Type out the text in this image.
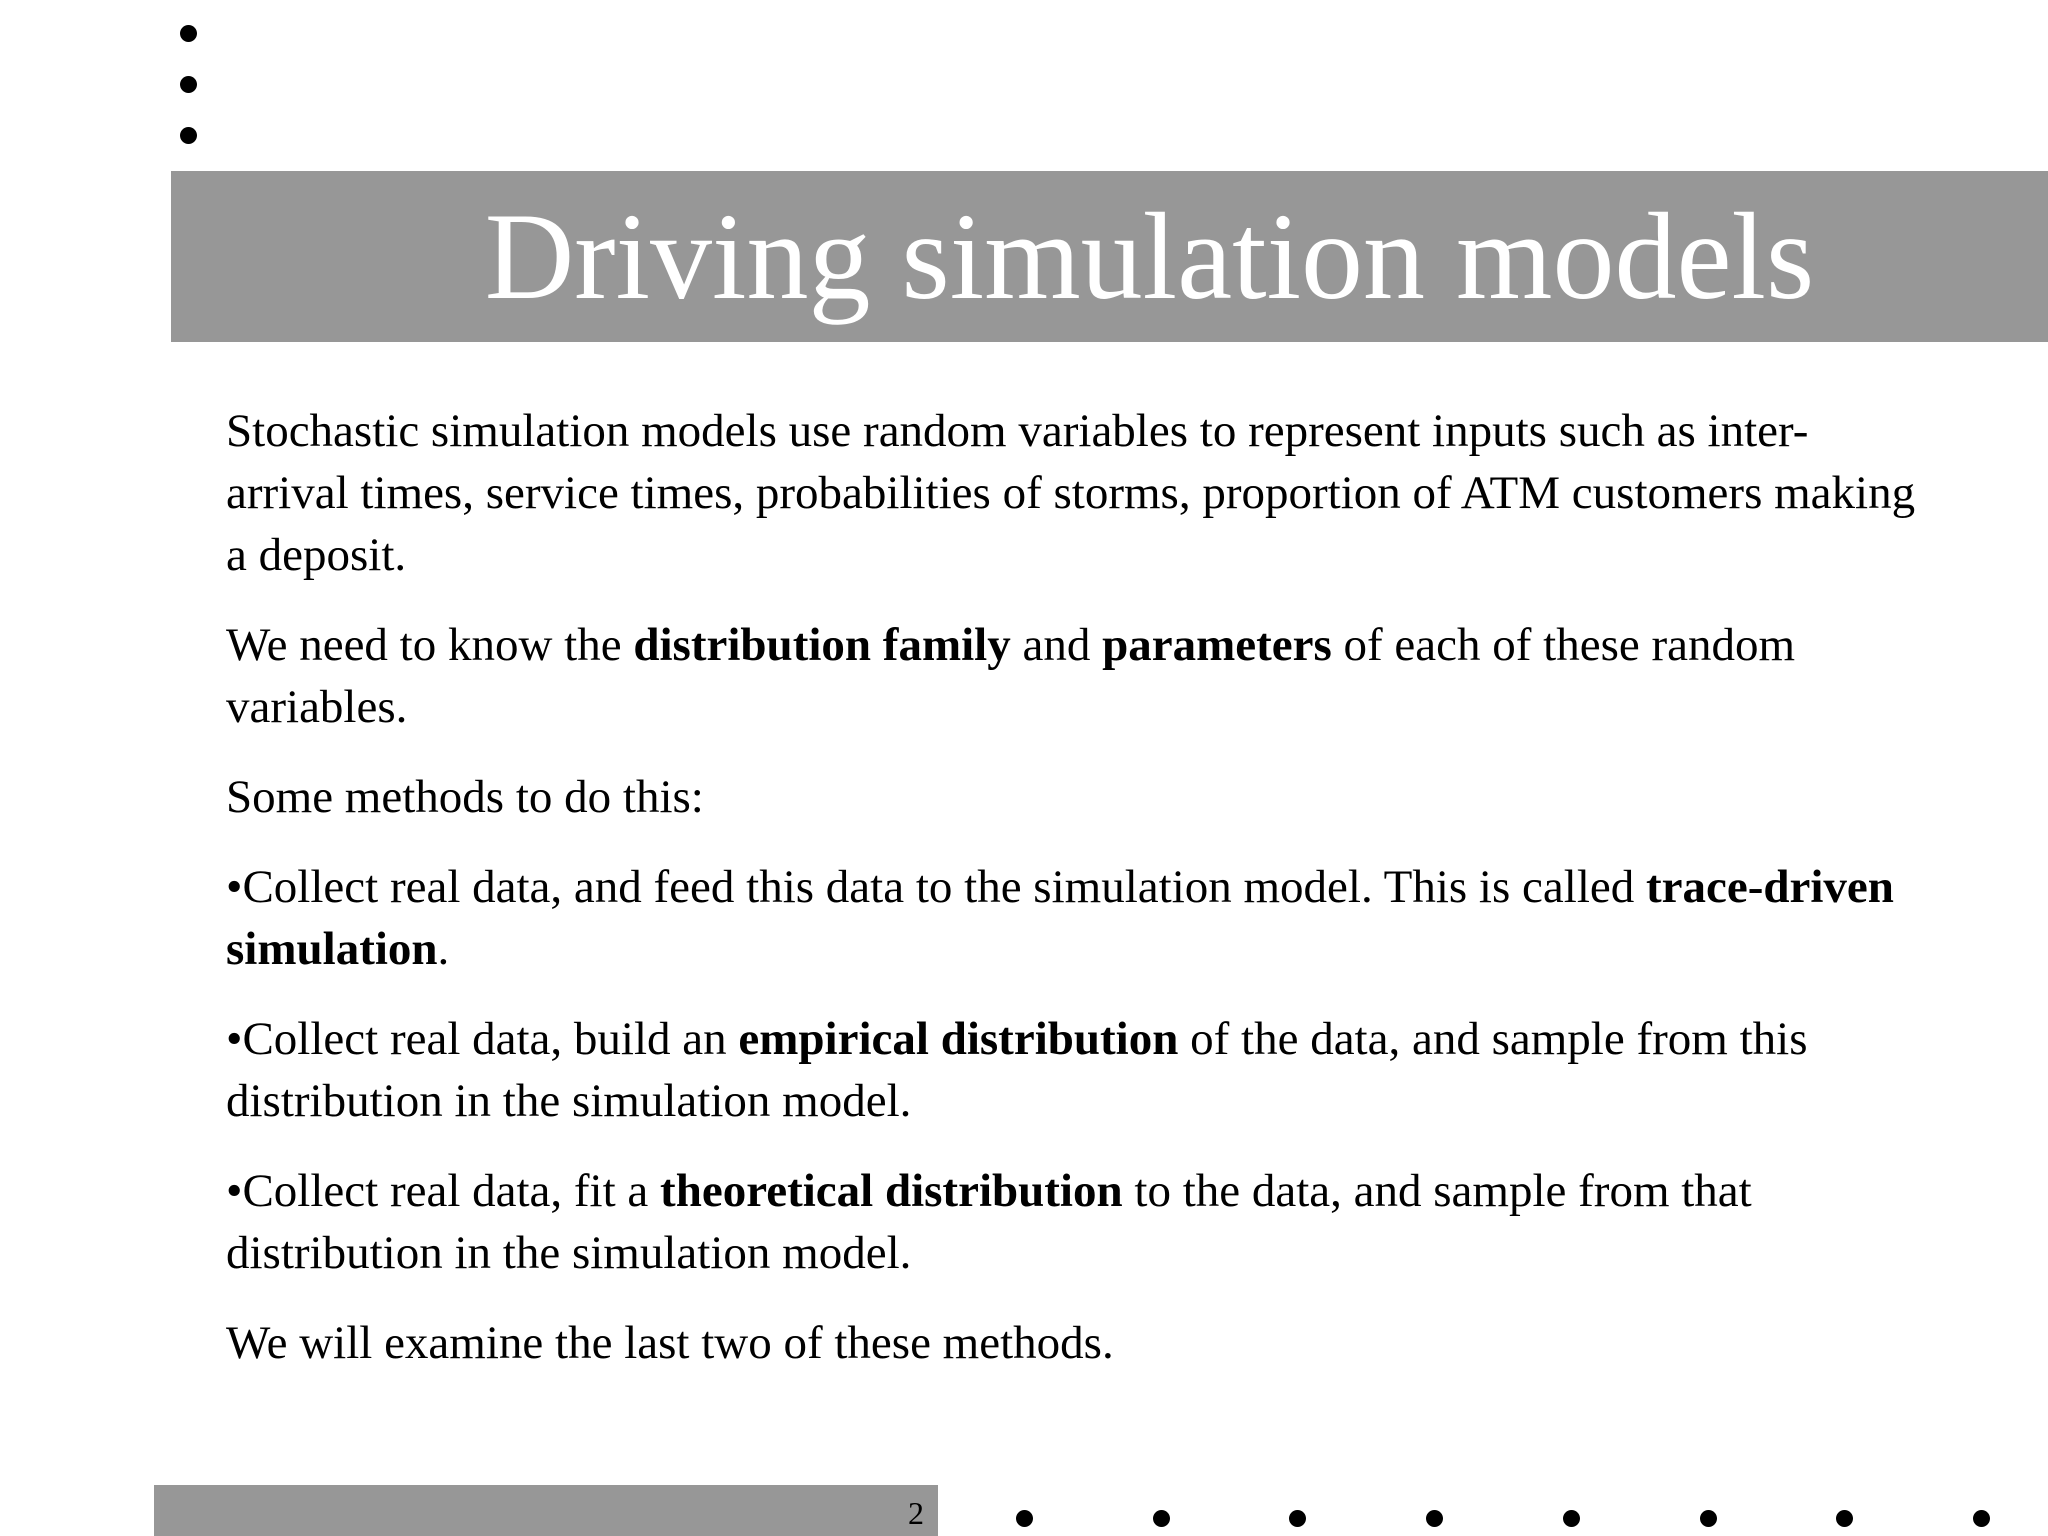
Driving simulation models

Stochastic simulation models use random variables to represent inputs such as inter-arrival times, service times, probabilities of storms, proportion of ATM customers making a deposit.

We need to know the distribution family and parameters of each of these random variables.

Some methods to do this:

•Collect real data, and feed this data to the simulation model. This is called trace-driven simulation.

•Collect real data, build an empirical distribution of the data, and sample from this distribution in the simulation model.

•Collect real data, fit a theoretical distribution to the data, and sample from that distribution in the simulation model.

We will examine the last two of these methods.

2
